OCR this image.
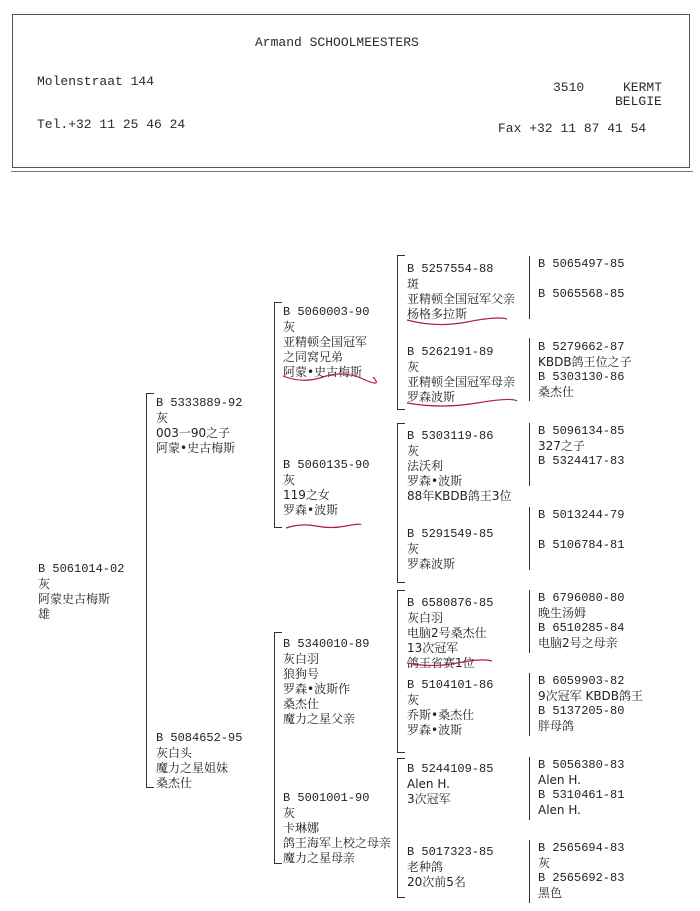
Armand SCHOOLMEESTERS
Molenstraat 144	3510	KERMT
BELGIE
Tel.+32 11 25 46 24	Fax +32 11 87 41 54
B 5061014-02
灰
阿蒙史古梅斯
雄
B 5333889-92
灰
003一90之子
阿蒙•史古梅斯
B 5084652-95
灰白头
魔力之星姐妹
桑杰仕
B 5060003-90
灰
亚精顿全国冠军
之同窝兄弟
阿蒙•史古梅斯
B 5060135-90
灰
119之女
罗森•波斯
B 5340010-89
灰白羽
狼狗号
罗森•波斯作
桑杰仕
魔力之星父亲
B 5001001-90
灰
卡琳娜
鸽王海军上校之母亲
魔力之星母亲
B 5257554-88
斑
亚精顿全国冠军父亲
杨格多拉斯
B 5262191-89
灰
亚精顿全国冠军母亲
罗森波斯
B 5303119-86
灰
法沃利
罗森•波斯
88年KBDB鸽王3位
B 5291549-85
灰
罗森波斯
B 6580876-85
灰白羽
电脑2号桑杰仕
13次冠军
鸽王省赛1位
B 5104101-86
灰
乔斯•桑杰仕
罗森•波斯
B 5244109-85
Alen H.
3次冠军
B 5017323-85
老种鸽
20次前5名
B 5065497-85
B 5065568-85
B 5279662-87
KBDB鸽王位之子
B 5303130-86
桑杰仕
B 5096134-85
327之子
B 5324417-83
B 5013244-79
B 5106784-81
B 6796080-80
晚生汤姆
B 6510285-84
电脑2号之母亲
B 6059903-82
9次冠军 KBDB鸽王
B 5137205-80
胖母鸽
B 5056380-83
Alen H.
B 5310461-81
Alen H.
B 2565694-83
灰
B 2565692-83
黑色
